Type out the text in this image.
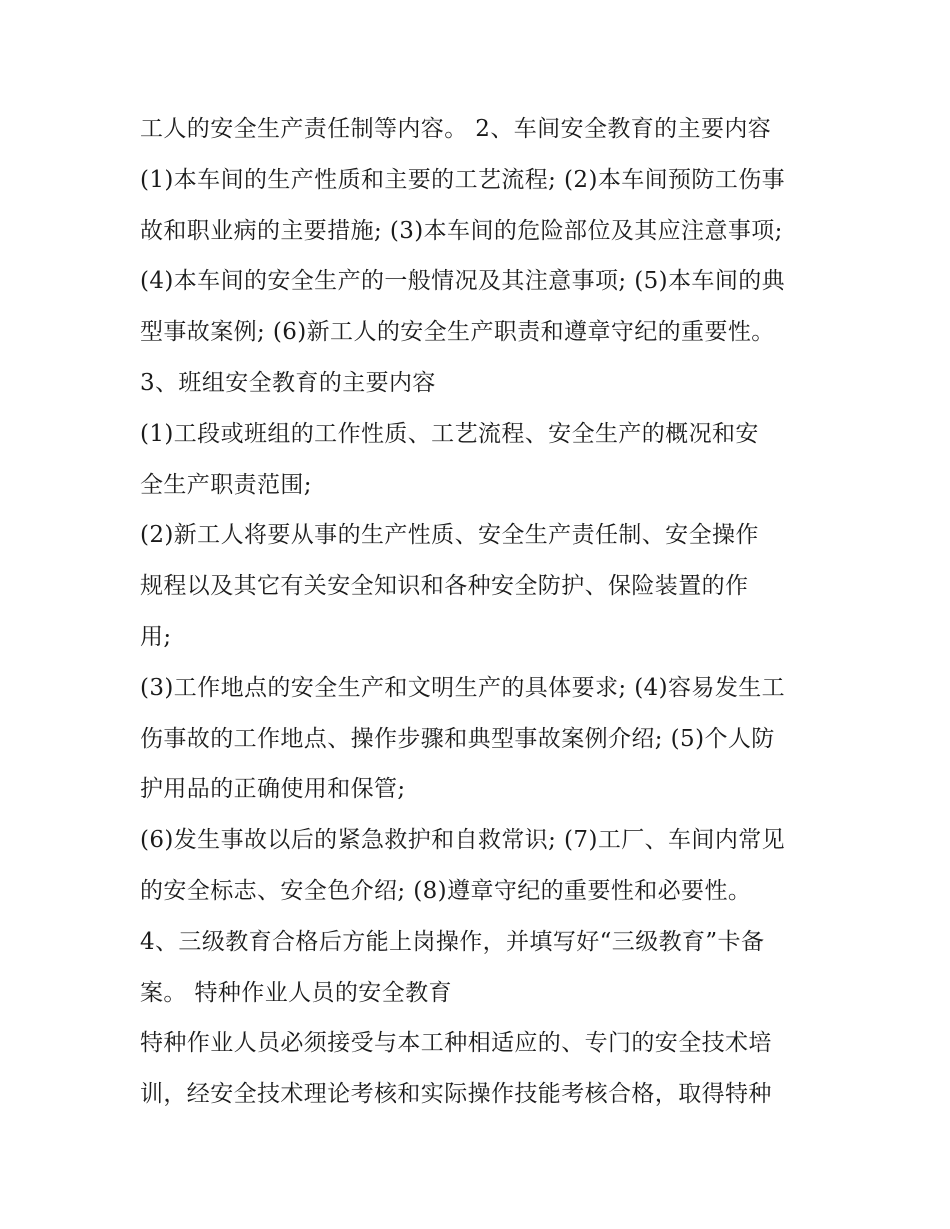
工人的安全生产责任制等内容。 2、车间安全教育的主要内容
(1)本车间的生产性质和主要的工艺流程; (2)本车间预防工伤事
故和职业病的主要措施; (3)本车间的危险部位及其应注意事项;
(4)本车间的安全生产的一般情况及其注意事项; (5)本车间的典
型事故案例; (6)新工人的安全生产职责和遵章守纪的重要性。
3、班组安全教育的主要内容
(1)工段或班组的工作性质、工艺流程、安全生产的概况和安
全生产职责范围;
(2)新工人将要从事的生产性质、安全生产责任制、安全操作
规程以及其它有关安全知识和各种安全防护、保险装置的作
用;
(3)工作地点的安全生产和文明生产的具体要求; (4)容易发生工
伤事故的工作地点、操作步骤和典型事故案例介绍; (5)个人防
护用品的正确使用和保管;
(6)发生事故以后的紧急救护和自救常识; (7)工厂、车间内常见
的安全标志、安全色介绍; (8)遵章守纪的重要性和必要性。
4、三级教育合格后方能上岗操作，并填写好“三级教育”卡备
案。 特种作业人员的安全教育
特种作业人员必须接受与本工种相适应的、专门的安全技术培
训，经安全技术理论考核和实际操作技能考核合格，取得特种
